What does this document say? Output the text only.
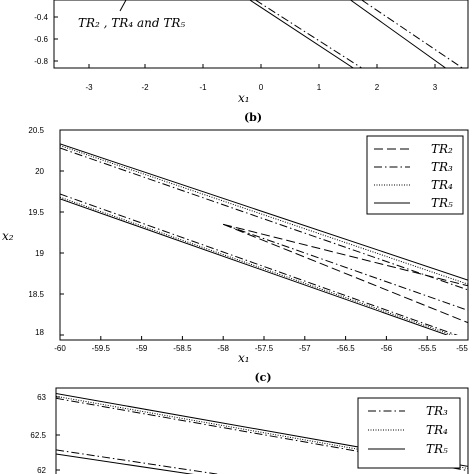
-0.4
-0.6
-0.8
-3	-2	-1	0	1	2	3
TR₂ , TR₄ and TR₅
x₁
(b)
20.5
20
19.5
19
18.5
18
-60	-59.5	-59	-58.5	-58	-57.5	-57	-56.5	-56	-55.5 -55
x₂
x₁
(c)
TR₂
TR₃
TR₄
TR₅
63
62.5
62
TR₃
TR₄
TR₅
